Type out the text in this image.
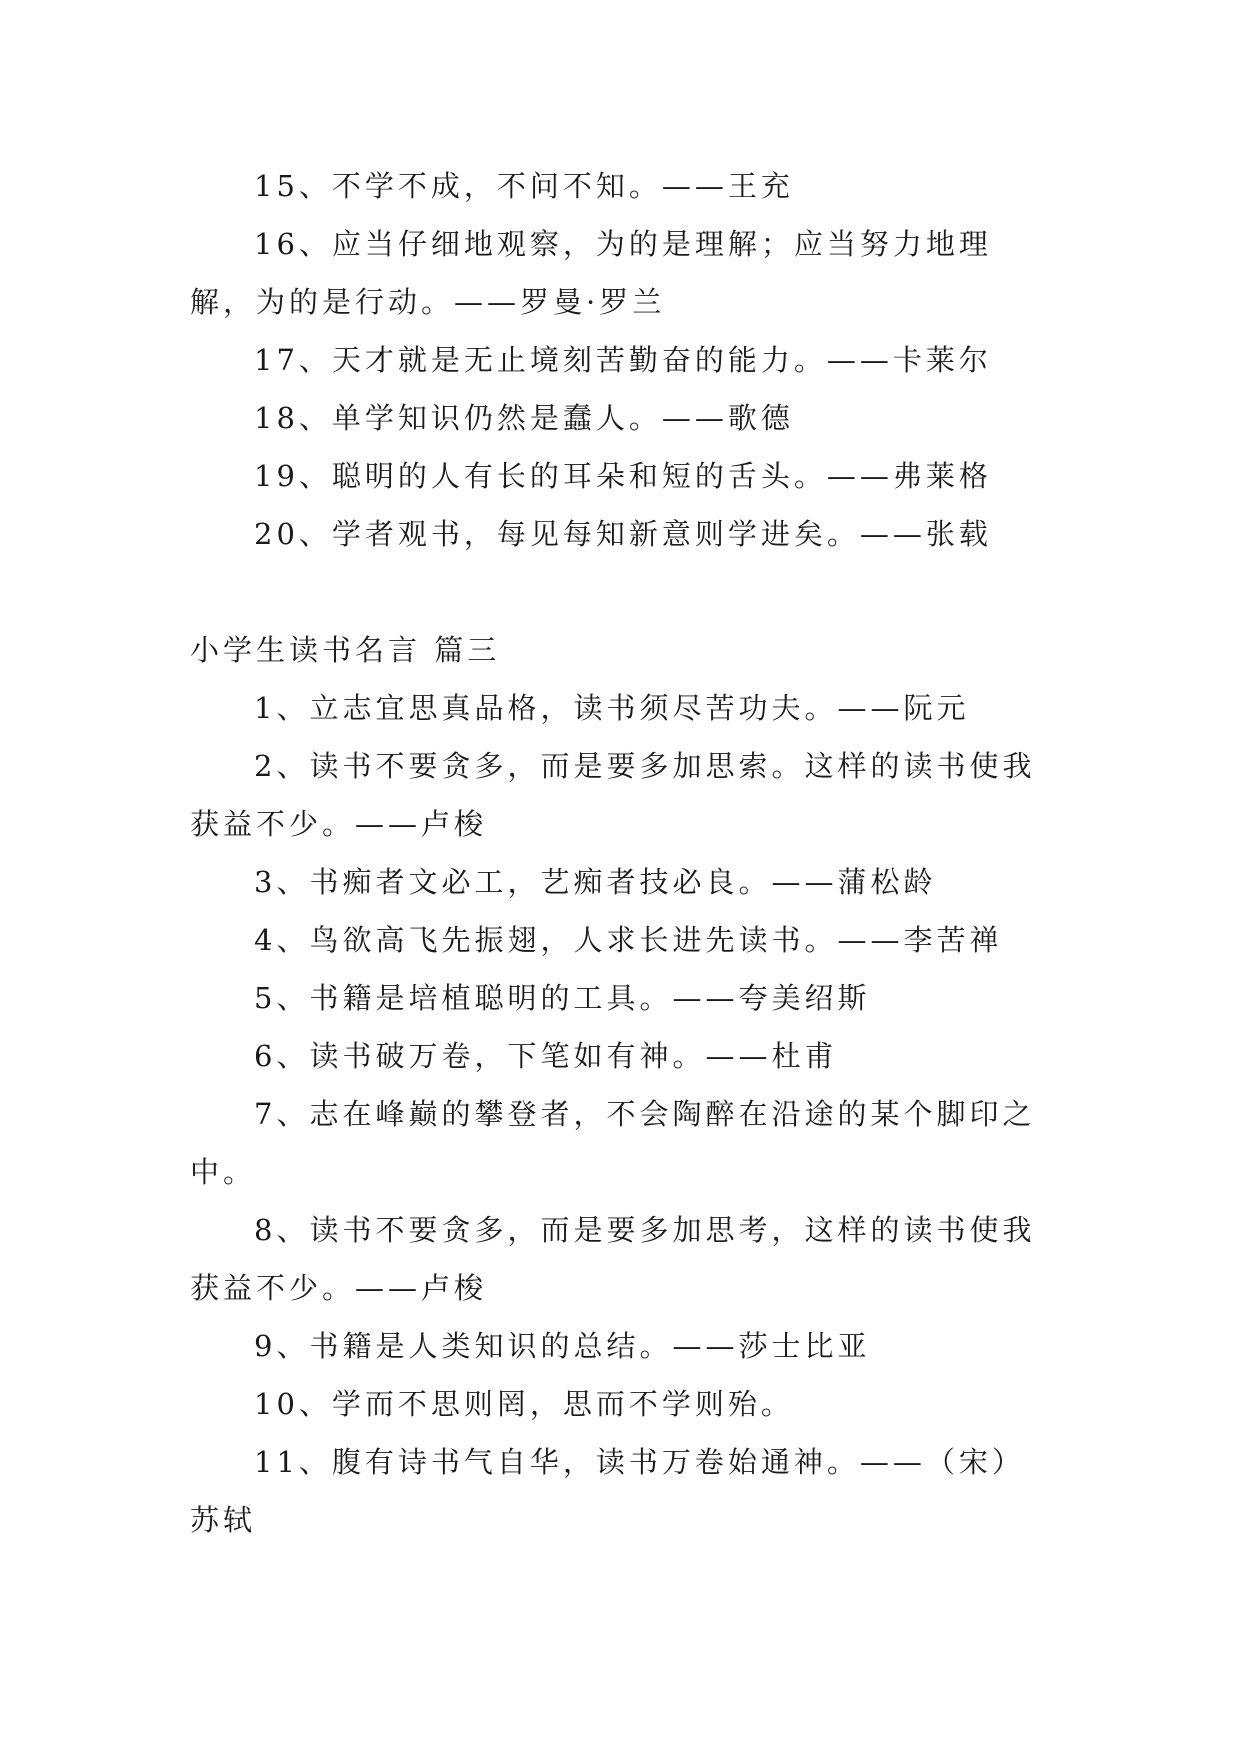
15、不学不成，不问不知。——王充

16、应当仔细地观察，为的是理解；应当努力地理解，为的是行动。——罗曼·罗兰

17、天才就是无止境刻苦勤奋的能力。——卡莱尔

18、单学知识仍然是蠢人。——歌德

19、聪明的人有长的耳朵和短的舌头。——弗莱格

20、学者观书，每见每知新意则学进矣。——张载

小学生读书名言 篇三

1、立志宜思真品格，读书须尽苦功夫。——阮元

2、读书不要贪多，而是要多加思索。这样的读书使我获益不少。——卢梭

3、书痴者文必工，艺痴者技必良。——蒲松龄

4、鸟欲高飞先振翅，人求长进先读书。——李苦禅

5、书籍是培植聪明的工具。——夸美绍斯

6、读书破万卷，下笔如有神。——杜甫

7、志在峰巅的攀登者，不会陶醉在沿途的某个脚印之中。

8、读书不要贪多，而是要多加思考，这样的读书使我获益不少。——卢梭

9、书籍是人类知识的总结。——莎士比亚

10、学而不思则罔，思而不学则殆。

11、腹有诗书气自华，读书万卷始通神。——（宋）苏轼
